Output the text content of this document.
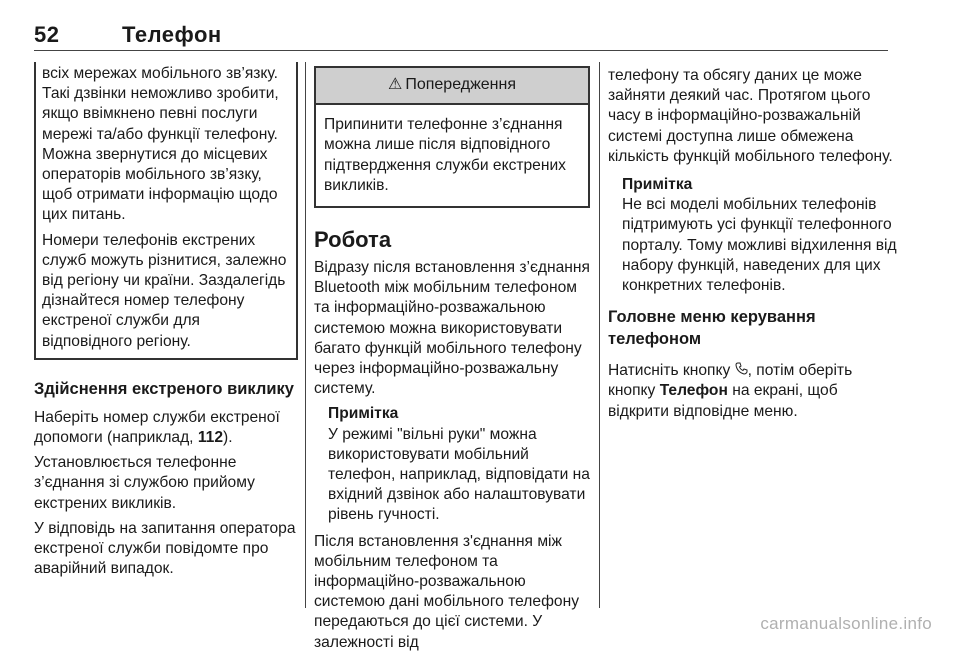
52	Телефон

всіх мережах мобільного зв’язку. Такі дзвінки неможливо зробити, якщо ввімкнено певні послуги мережі та/або функції телефону. Можна звернутися до місцевих операторів мобільного зв’язку, щоб отримати інформацію щодо цих питань.

Номери телефонів екстрених служб можуть різнитися, залежно від регіону чи країни. Заздалегідь дізнайтеся номер телефону екстреної служби для відповідного регіону.

Здійснення екстреного виклику

Наберіть номер служби екстреної допомоги (наприклад, 112).

Установлюється телефонне з’єднання зі службою прийому екстрених викликів.

У відповідь на запитання оператора екстреної служби повідомте про аварійний випадок.

⚠ Попередження
Припинити телефонне з’єднання можна лише після відповідного підтвердження служби екстрених викликів.
Робота

Відразу після встановлення з’єднання Bluetooth між мобільним телефоном та інформаційно-розважальною системою можна використовувати багато функцій мобільного телефону через інформаційно-розважальну систему.

Примітка
У режимі "вільні руки" можна використовувати мобільний телефон, наприклад, відповідати на вхідний дзвінок або налаштовувати рівень гучності.

Після встановлення з'єднання між мобільним телефоном та інформаційно-розважальною системою дані мобільного телефону передаються до цієї системи. У залежності від

телефону та обсягу даних це може зайняти деякий час. Протягом цього часу в інформаційно-розважальній системі доступна лише обмежена кількість функцій мобільного телефону.

Примітка
Не всі моделі мобільних телефонів підтримують усі функції телефонного порталу. Тому можливі відхилення від набору функцій, наведених для цих конкретних телефонів.
Головне меню керування телефоном

Натисніть кнопку , потім оберіть кнопку Телефон на екрані, щоб відкрити відповідне меню.

carmanualsonline.info
